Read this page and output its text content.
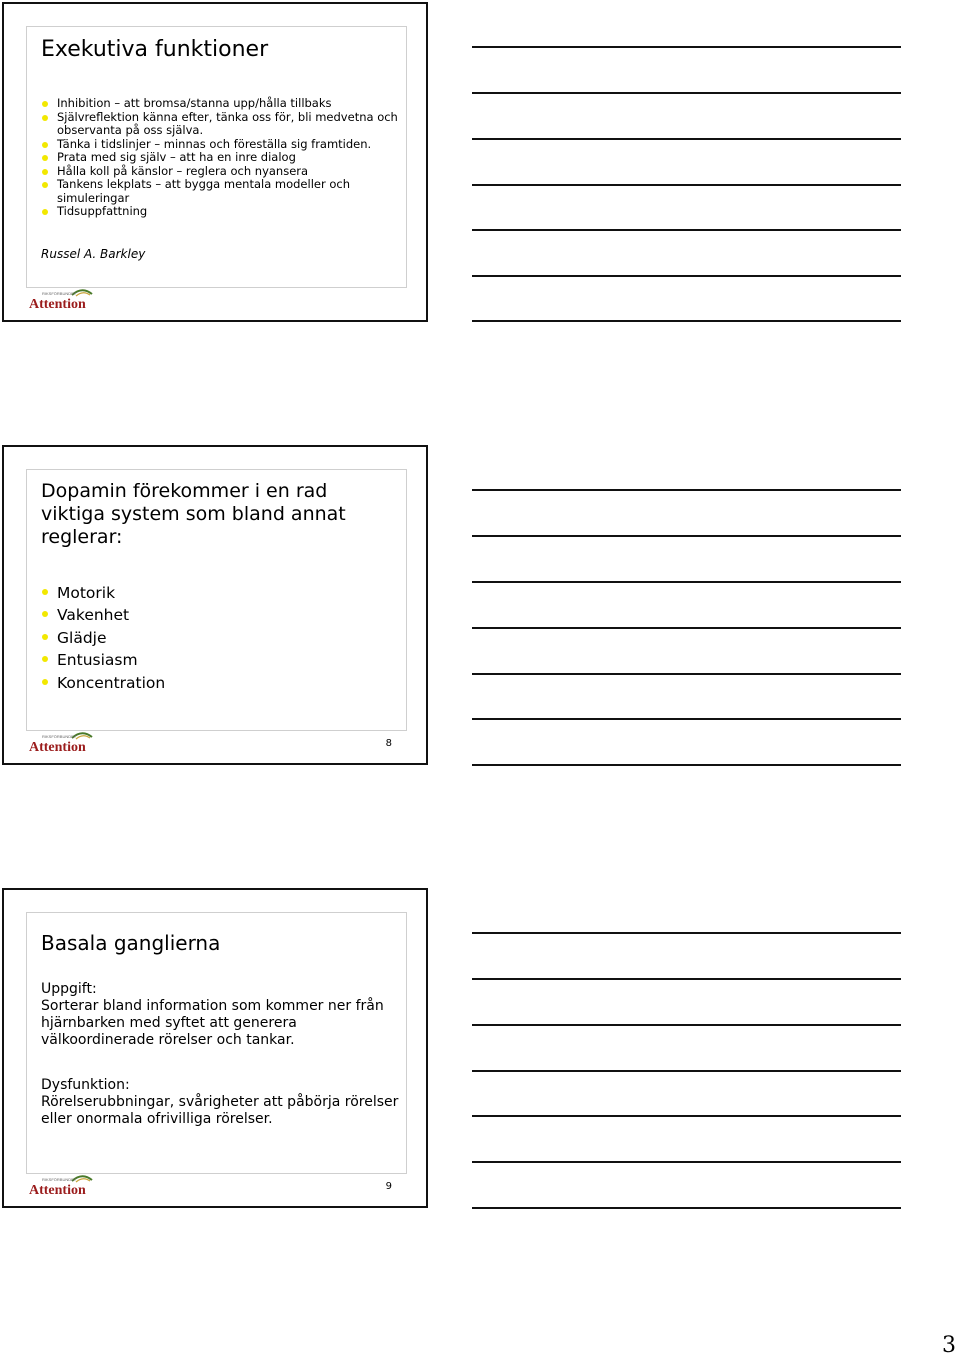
Exekutiva funktioner
Inhibition – att bromsa/stanna upp/hålla tillbaks
Självreflektion känna efter, tänka oss för, bli medvetna och observanta på oss själva.
Tänka i tidslinjer – minnas och föreställa sig framtiden.
Prata med sig själv – att ha en inre dialog
Hålla koll på känslor – reglera och nyansera
Tankens lekplats – att bygga mentala modeller och simuleringar
Tidsuppfattning
Russel A. Barkley
RIKSFÖRBUNDET
Attention
Dopamin förekommer i en rad viktiga system som bland annat reglerar:
Motorik
Vakenhet
Glädje
Entusiasm
Koncentration
RIKSFÖRBUNDET
Attention	8
Basala ganglierna
Uppgift:
Sorterar bland information som kommer ner från hjärnbarken med syftet att generera välkoordinerade rörelser och tankar.
Dysfunktion:
Rörelserubbningar, svårigheter att påbörja rörelser eller onormala ofrivilliga rörelser.
RIKSFÖRBUNDET
Attention	9
3
